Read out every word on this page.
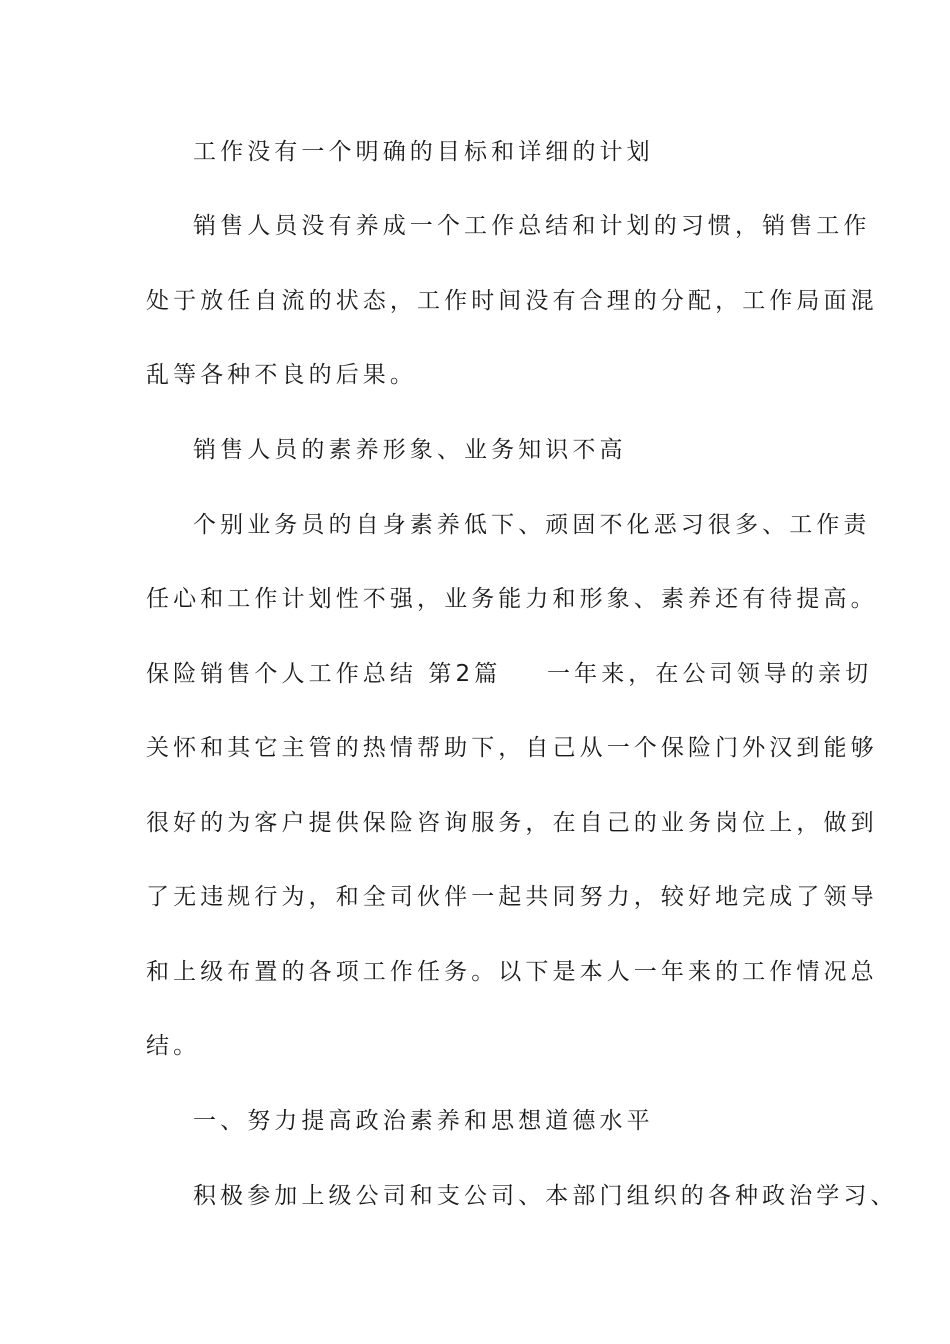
工作没有一个明确的目标和详细的计划
销售人员没有养成一个工作总结和计划的习惯，销售工作
处于放任自流的状态，工作时间没有合理的分配，工作局面混
乱等各种不良的后果。
销售人员的素养形象、业务知识不高
个别业务员的自身素养低下、顽固不化恶习很多、工作责
任心和工作计划性不强，业务能力和形象、素养还有待提高。
保险销售个人工作总结 第2篇    一年来，在公司领导的亲切
关怀和其它主管的热情帮助下，自己从一个保险门外汉到能够
很好的为客户提供保险咨询服务，在自己的业务岗位上，做到
了无违规行为，和全司伙伴一起共同努力，较好地完成了领导
和上级布置的各项工作任务。以下是本人一年来的工作情况总
结。
一、努力提高政治素养和思想道德水平
积极参加上级公司和支公司、本部门组织的各种政治学习、
